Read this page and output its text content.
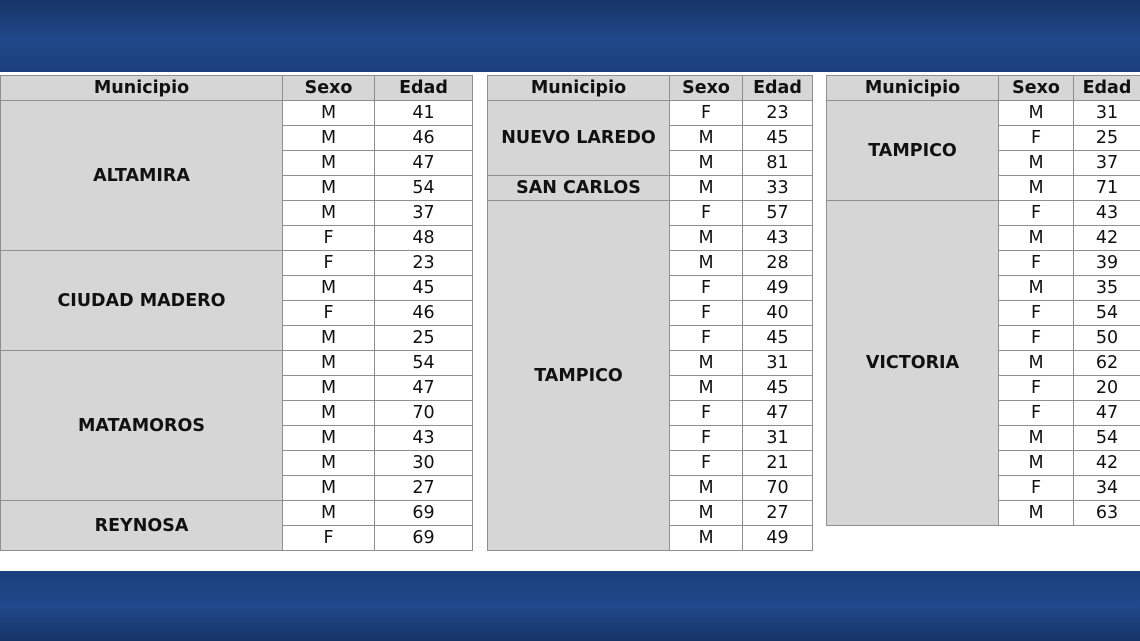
Municipio	Sexo	Edad
ALTAMIRA	M	41
	M	46
	M	47
	M	54
	M	37
	F	48
CIUDAD MADERO	F	23
	M	45
	F	46
	M	25
MATAMOROS	M	54
	M	47
	M	70
	M	43
	M	30
	M	27
REYNOSA	M	69
	F	69
Municipio	Sexo	Edad
NUEVO LAREDO	F	23
	M	45
	M	81
SAN CARLOS	M	33
TAMPICO	F	57
	M	43
	M	28
	F	49
	F	40
	F	45
	M	31
	M	45
	F	47
	F	31
	F	21
	M	70
	M	27
	M	49
Municipio	Sexo	Edad
TAMPICO	M	31
	F	25
	M	37
	M	71
VICTORIA	F	43
	M	42
	F	39
	M	35
	F	54
	F	50
	M	62
	F	20
	F	47
	M	54
	M	42
	F	34
	M	63
